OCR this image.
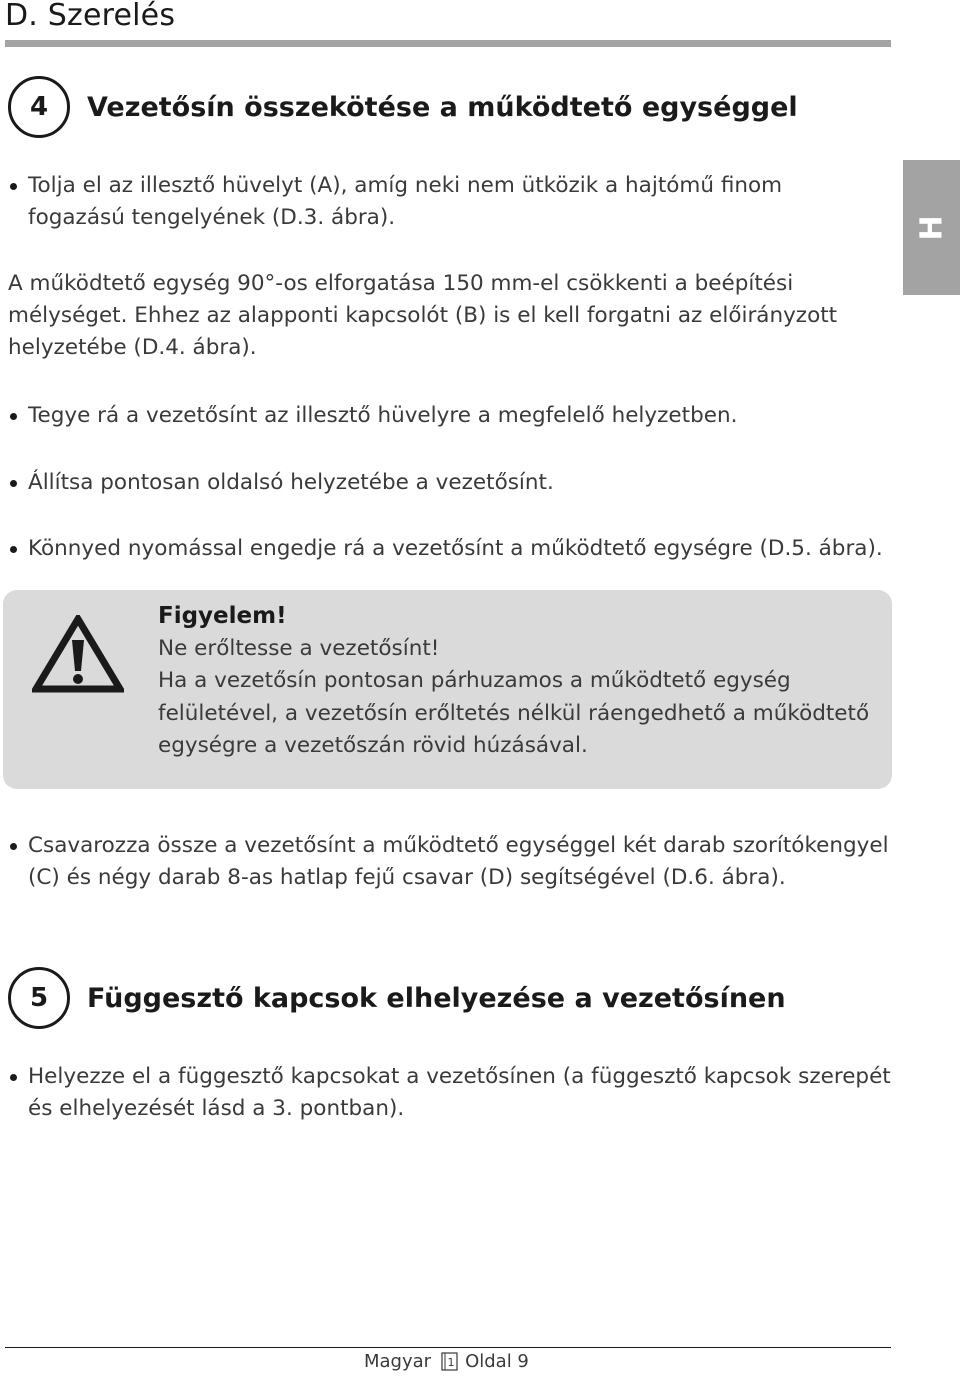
D. Szerelés
H
4	Vezetősín összekötése a működtető egységgel
Tolja el az illesztő hüvelyt (A), amíg neki nem ütközik a hajtómű finom
fogazású tengelyének (D.3. ábra).
A működtető egység 90°-os elforgatása 150 mm-el csökkenti a beépítési
mélységet. Ehhez az alapponti kapcsolót (B) is el kell forgatni az előirányzott
helyzetébe (D.4. ábra).
Tegye rá a vezetősínt az illesztő hüvelyre a megfelelő helyzetben.
Állítsa pontosan oldalsó helyzetébe a vezetősínt.
Könnyed nyomással engedje rá a vezetősínt a működtető egységre (D.5. ábra).
Figyelem!
Ne erőltesse a vezetősínt!
Ha a vezetősín pontosan párhuzamos a működtető egység
felületével, a vezetősín erőltetés nélkül ráengedhető a működtető
egységre a vezetőszán rövid húzásával.
Csavarozza össze a vezetősínt a működtető egységgel két darab szorítókengyel
(C) és négy darab 8-as hatlap fejű csavar (D) segítségével (D.6. ábra).
5	Függesztő kapcsok elhelyezése a vezetősínen
Helyezze el a függesztő kapcsokat a vezetősínen (a függesztő kapcsok szerepét
és elhelyezését lásd a 3. pontban).
Magyar 1 Oldal 9
